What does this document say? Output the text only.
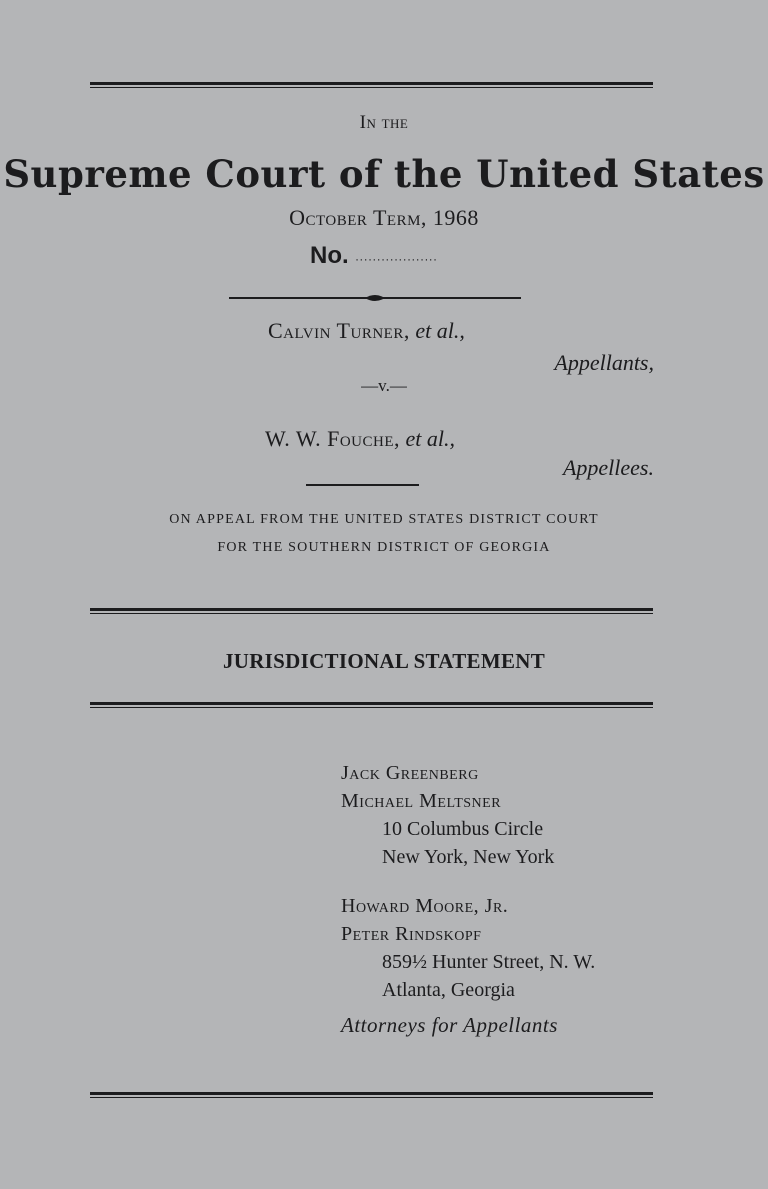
In the
Supreme Court of the United States
October Term, 1968
No. ...................
Calvin Turner, et al.,
Appellants,
—v.—
W. W. Fouche, et al.,
Appellees.
ON APPEAL FROM THE UNITED STATES DISTRICT COURT
FOR THE SOUTHERN DISTRICT OF GEORGIA
JURISDICTIONAL STATEMENT
Jack Greenberg
Michael Meltsner
10 Columbus Circle
New York, New York
Howard Moore, Jr.
Peter Rindskopf
859½ Hunter Street, N. W.
Atlanta, Georgia
Attorneys for Appellants
